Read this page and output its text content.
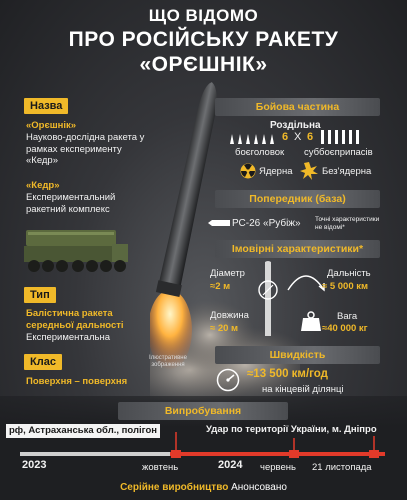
ЩО ВІДОМО
ПРО РОСІЙСЬКУ РАКЕТУ
«ОРЄШНІК»
Назва
«Орєшнік»
Науково-дослідна ракета у рамках експерименту «Кедр»
«Кедр»
Експериментальний ракетний комплекс
Тип
Балістична ракета середньої дальності
Експериментальна
Клас
Поверхня – поверхня
Ілюстративне зображення
Бойова частина
Роздільна
6 X 6
боєголовок суббоєприпасів
Ядерна	Без'ядерна
Попередник (база)
РС-26 «Рубіж» Точні характеристики не відомі*
Імовірні характеристики*
Діаметр
≈2 м
Довжина
≈ 20 м
Дальність
≈ 5 000 км
Вага
≈40 000 кг
Швидкість
≈13 500 км/год
на кінцевій ділянці
Випробування
рф, Астраханська обл., полігон	Удар по території України, м. Дніпро
2023	жовтень	2024 червень 21 листопада
Серійне виробництво Анонсовано
